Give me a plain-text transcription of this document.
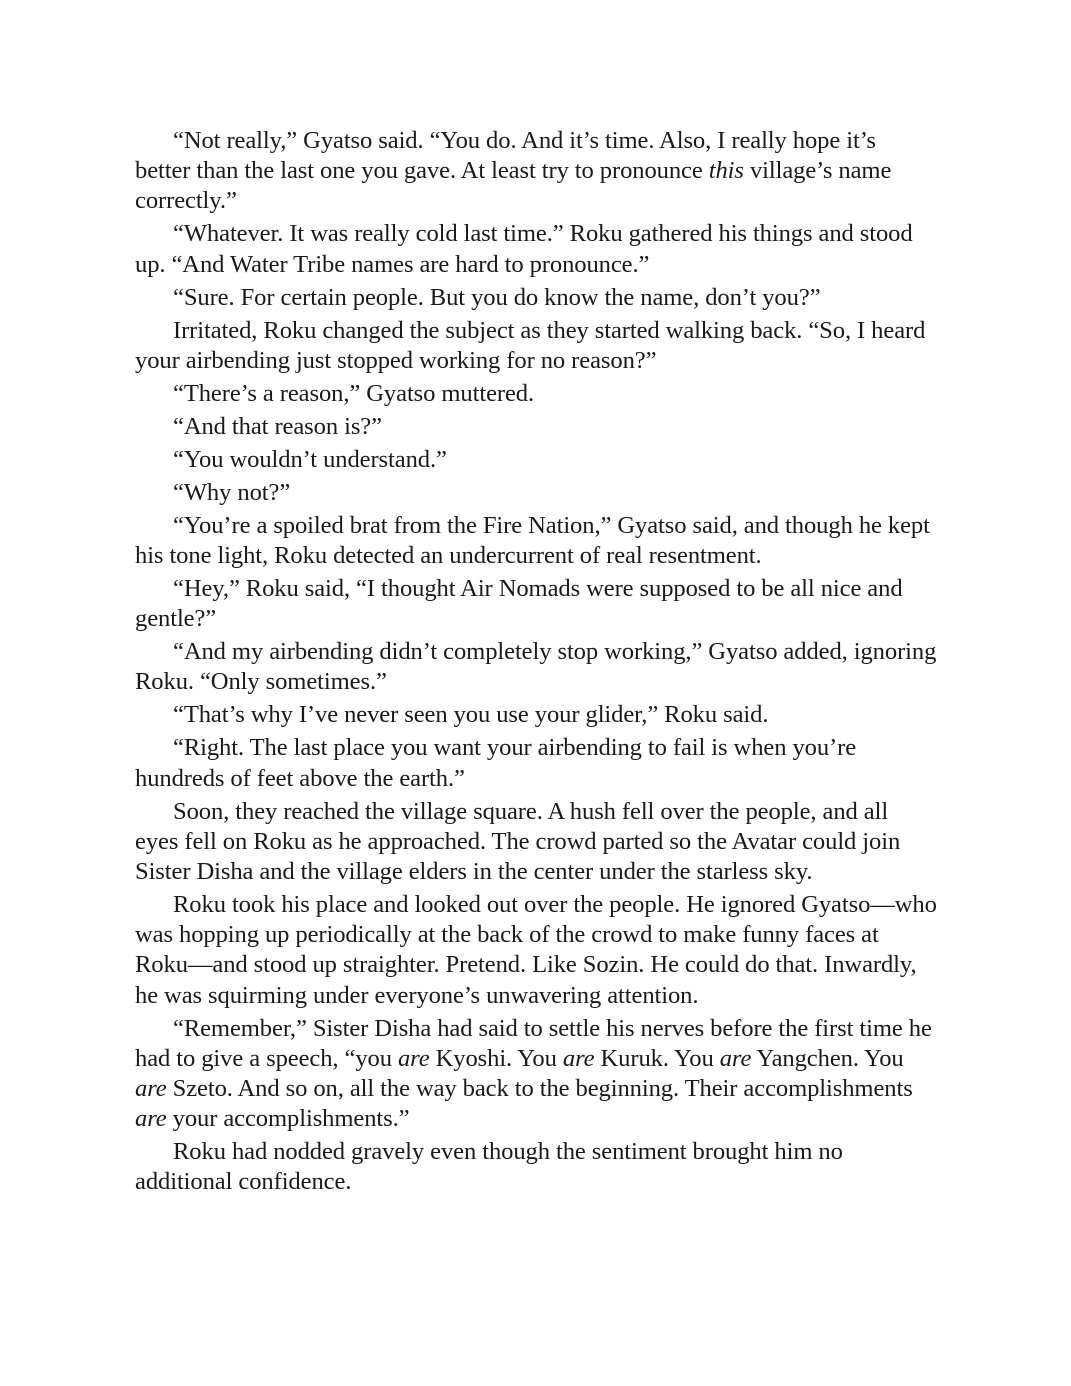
“Not really,” Gyatso said. “You do. And it’s time. Also, I really hope it’s better than the last one you gave. At least try to pronounce this village’s name correctly.”

“Whatever. It was really cold last time.” Roku gathered his things and stood up. “And Water Tribe names are hard to pronounce.”

“Sure. For certain people. But you do know the name, don’t you?”

Irritated, Roku changed the subject as they started walking back. “So, I heard your airbending just stopped working for no reason?”

“There’s a reason,” Gyatso muttered.

“And that reason is?”

“You wouldn’t understand.”

“Why not?”

“You’re a spoiled brat from the Fire Nation,” Gyatso said, and though he kept his tone light, Roku detected an undercurrent of real resentment.

“Hey,” Roku said, “I thought Air Nomads were supposed to be all nice and gentle?”

“And my airbending didn’t completely stop working,” Gyatso added, ignoring Roku. “Only sometimes.”

“That’s why I’ve never seen you use your glider,” Roku said.

“Right. The last place you want your airbending to fail is when you’re hundreds of feet above the earth.”

Soon, they reached the village square. A hush fell over the people, and all eyes fell on Roku as he approached. The crowd parted so the Avatar could join Sister Disha and the village elders in the center under the starless sky.

Roku took his place and looked out over the people. He ignored Gyatso—who was hopping up periodically at the back of the crowd to make funny faces at Roku—and stood up straighter. Pretend. Like Sozin. He could do that. Inwardly, he was squirming under everyone’s unwavering attention.

“Remember,” Sister Disha had said to settle his nerves before the first time he had to give a speech, “you are Kyoshi. You are Kuruk. You are Yangchen. You are Szeto. And so on, all the way back to the beginning. Their accomplishments are your accomplishments.”

Roku had nodded gravely even though the sentiment brought him no additional confidence.
